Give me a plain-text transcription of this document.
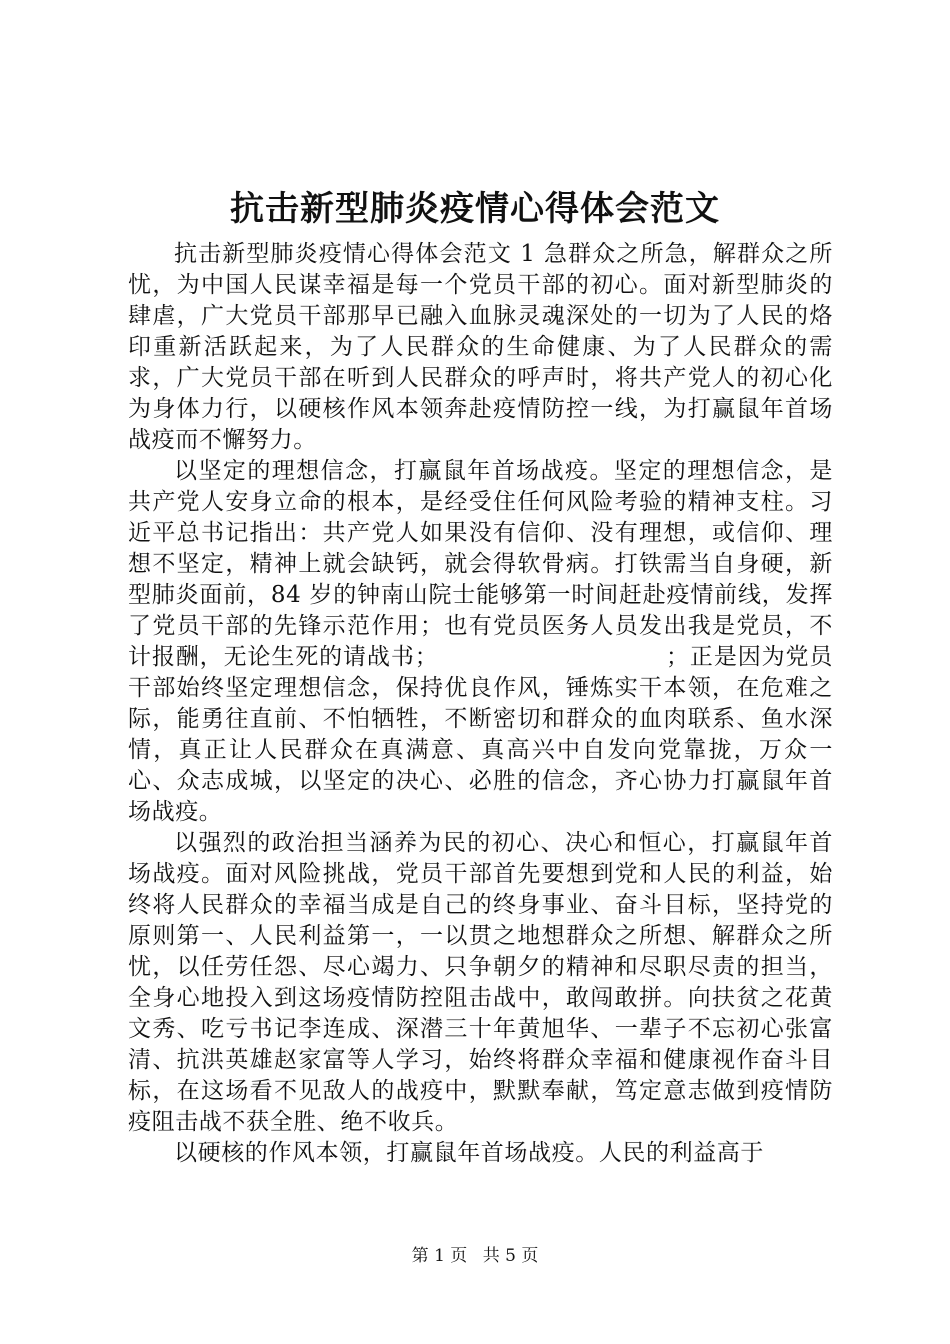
抗击新型肺炎疫情心得体会范文

抗击新型肺炎疫情心得体会范文 1 急群众之所急，解群众之所忧，为中国人民谋幸福是每一个党员干部的初心。面对新型肺炎的肆虐，广大党员干部那早已融入血脉灵魂深处的一切为了人民的烙印重新活跃起来，为了人民群众的生命健康、为了人民群众的需求，广大党员干部在听到人民群众的呼声时，将共产党人的初心化为身体力行，以硬核作风本领奔赴疫情防控一线，为打赢鼠年首场战疫而不懈努力。

以坚定的理想信念，打赢鼠年首场战疫。坚定的理想信念，是共产党人安身立命的根本，是经受住任何风险考验的精神支柱。习近平总书记指出：共产党人如果没有信仰、没有理想，或信仰、理想不坚定，精神上就会缺钙，就会得软骨病。打铁需当自身硬，新型肺炎面前，84 岁的钟南山院士能够第一时间赶赴疫情前线，发挥了党员干部的先锋示范作用；也有党员医务人员发出我是党员，不计报酬，无论生死的请战书；　　　　　　　　　　；正是因为党员干部始终坚定理想信念，保持优良作风，锤炼实干本领，在危难之际，能勇往直前、不怕牺牲，不断密切和群众的血肉联系、鱼水深情，真正让人民群众在真满意、真高兴中自发向党靠拢，万众一心、众志成城，以坚定的决心、必胜的信念，齐心协力打赢鼠年首场战疫。

以强烈的政治担当涵养为民的初心、决心和恒心，打赢鼠年首场战疫。面对风险挑战，党员干部首先要想到党和人民的利益，始终将人民群众的幸福当成是自己的终身事业、奋斗目标，坚持党的原则第一、人民利益第一，一以贯之地想群众之所想、解群众之所忧，以任劳任怨、尽心竭力、只争朝夕的精神和尽职尽责的担当，全身心地投入到这场疫情防控阻击战中，敢闯敢拼。向扶贫之花黄文秀、吃亏书记李连成、深潜三十年黄旭华、一辈子不忘初心张富清、抗洪英雄赵家富等人学习，始终将群众幸福和健康视作奋斗目标，在这场看不见敌人的战疫中，默默奉献，笃定意志做到疫情防疫阻击战不获全胜、绝不收兵。

以硬核的作风本领，打赢鼠年首场战疫。人民的利益高于

第 1 页 共 5 页
